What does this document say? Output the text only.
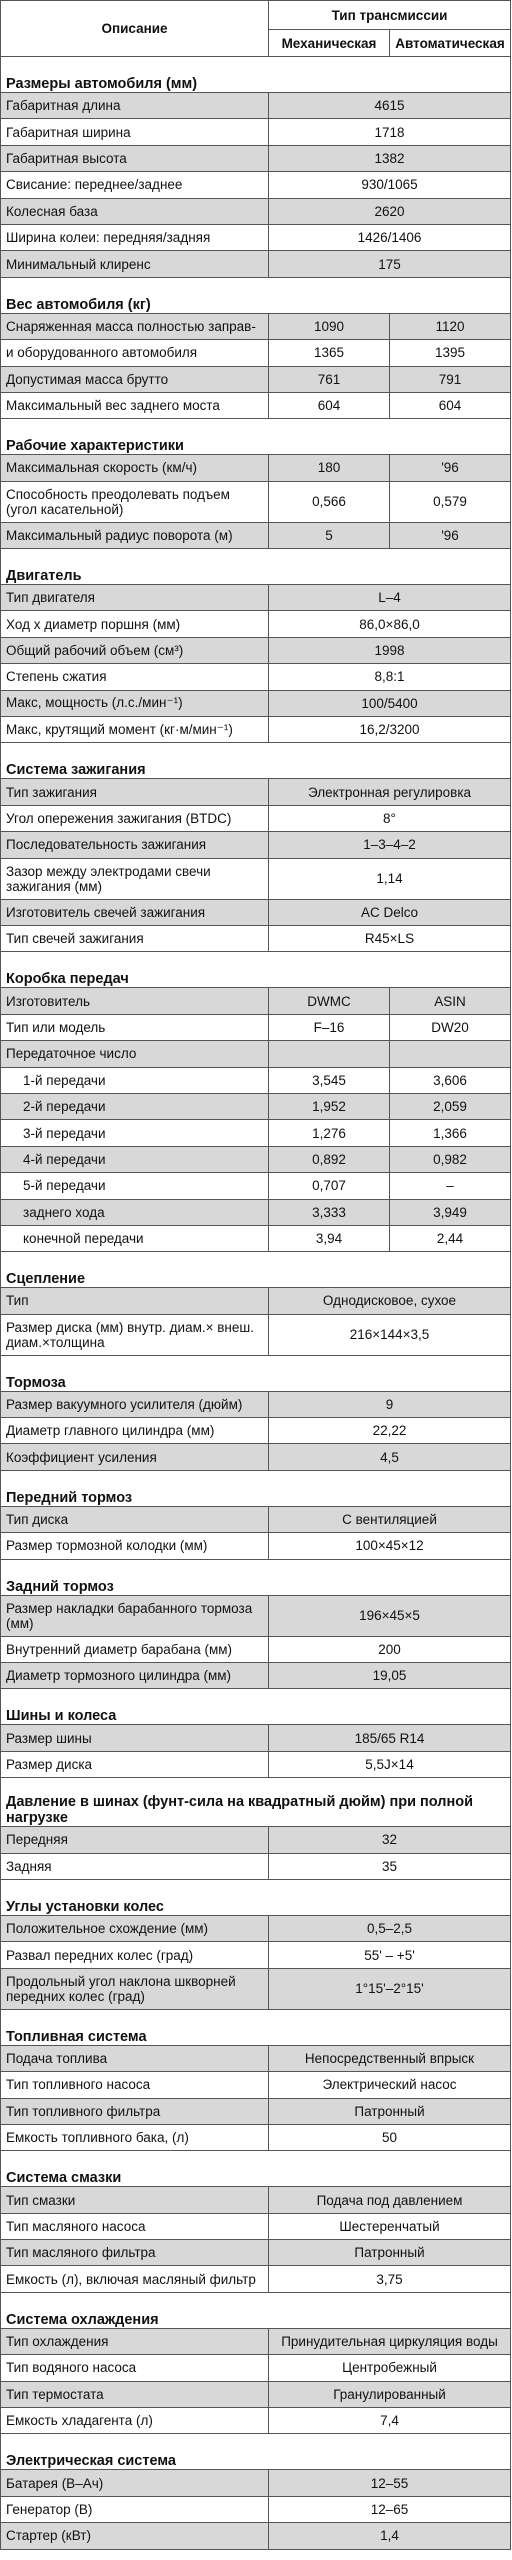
Описание	Тип трансмиссии	
	Механическая	Автоматическая
Размеры автомобиля (мм)		
Габаритная длина	4615	
Габаритная ширина	1718	
Габаритная высота	1382	
Свисание: переднее/заднее	930/1065	
Колесная база	2620	
Ширина колеи: передняя/задняя	1426/1406	
Минимальный клиренс	175	
Вес автомобиля (кг)		
Снаряженная масса полностью заправ-	1090	1120
и оборудованного автомобиля	1365	1395
Допустимая масса брутто	761	791
Максимальный вес заднего моста	604	604
Рабочие характеристики		
Максимальная скорость (км/ч)	180	'96
Способность преодолевать подъем (угол касательной)	0,566	0,579
Максимальный радиус поворота (м)	5	'96
Двигатель		
Тип двигателя	L–4	
Ход х диаметр поршня (мм)	86,0×86,0	
Общий рабочий объем (см³)	1998	
Степень сжатия	8,8:1	
Макс, мощность (л.с./мин⁻¹)	100/5400	
Макс, крутящий момент (кг·м/мин⁻¹)	16,2/3200	
Система зажигания		
Тип зажигания	Электронная регулировка	
Угол опережения зажигания (BTDC)	8°	
Последовательность зажигания	1–3–4–2	
Зазор между электродами свечи зажигания (мм)	1,14	
Изготовитель свечей зажигания	AC Delco	
Тип свечей зажигания	R45×LS	
Коробка передач		
Изготовитель	DWMC	ASIN
Тип или модель	F–16	DW20
Передаточное число		
1-й передачи	3,545	3,606
2-й передачи	1,952	2,059
3-й передачи	1,276	1,366
4-й передачи	0,892	0,982
5-й передачи	0,707	–
заднего хода	3,333	3,949
конечной передачи	3,94	2,44
Сцепление		
Тип	Однодисковое, сухое	
Размер диска (мм) внутр. диам.× внеш. диам.×толщина	216×144×3,5	
Тормоза		
Размер вакуумного усилителя (дюйм)	9	
Диаметр главного цилиндра (мм)	22,22	
Коэффициент усиления	4,5	
Передний тормоз		
Тип диска	С вентиляцией	
Размер тормозной колодки (мм)	100×45×12	
Задний тормоз		
Размер накладки барабанного тормоза (мм)	196×45×5	
Внутренний диаметр барабана (мм)	200	
Диаметр тормозного цилиндра (мм)	19,05	
Шины и колеса		
Размер шины	185/65 R14	
Размер диска	5,5J×14	
Давление в шинах (фунт-сила на квадратный дюйм) при полной нагрузке		
Передняя	32	
Задняя	35	
Углы установки колес		
Положительное схождение (мм)	0,5–2,5	
Развал передних колес (град)	55' – +5'	
Продольный угол наклона шкворней передних колес (град)	1°15'–2°15'	
Топливная система		
Подача топлива	Непосредственный впрыск	
Тип топливного насоса	Электрический насос	
Тип топливного фильтра	Патронный	
Емкость топливного бака, (л)	50	
Система смазки		
Тип смазки	Подача под давлением	
Тип масляного насоса	Шестеренчатый	
Тип масляного фильтра	Патронный	
Емкость (л), включая масляный фильтр	3,75	
Система охлаждения		
Тип охлаждения	Принудительная циркуляция воды	
Тип водяного насоса	Центробежный	
Тип термостата	Гранулированный	
Емкость хладагента (л)	7,4	
Электрическая система		
Батарея (В–Ач)	12–55	
Генератор (В)	12–65	
Стартер (кВт)	1,4	
